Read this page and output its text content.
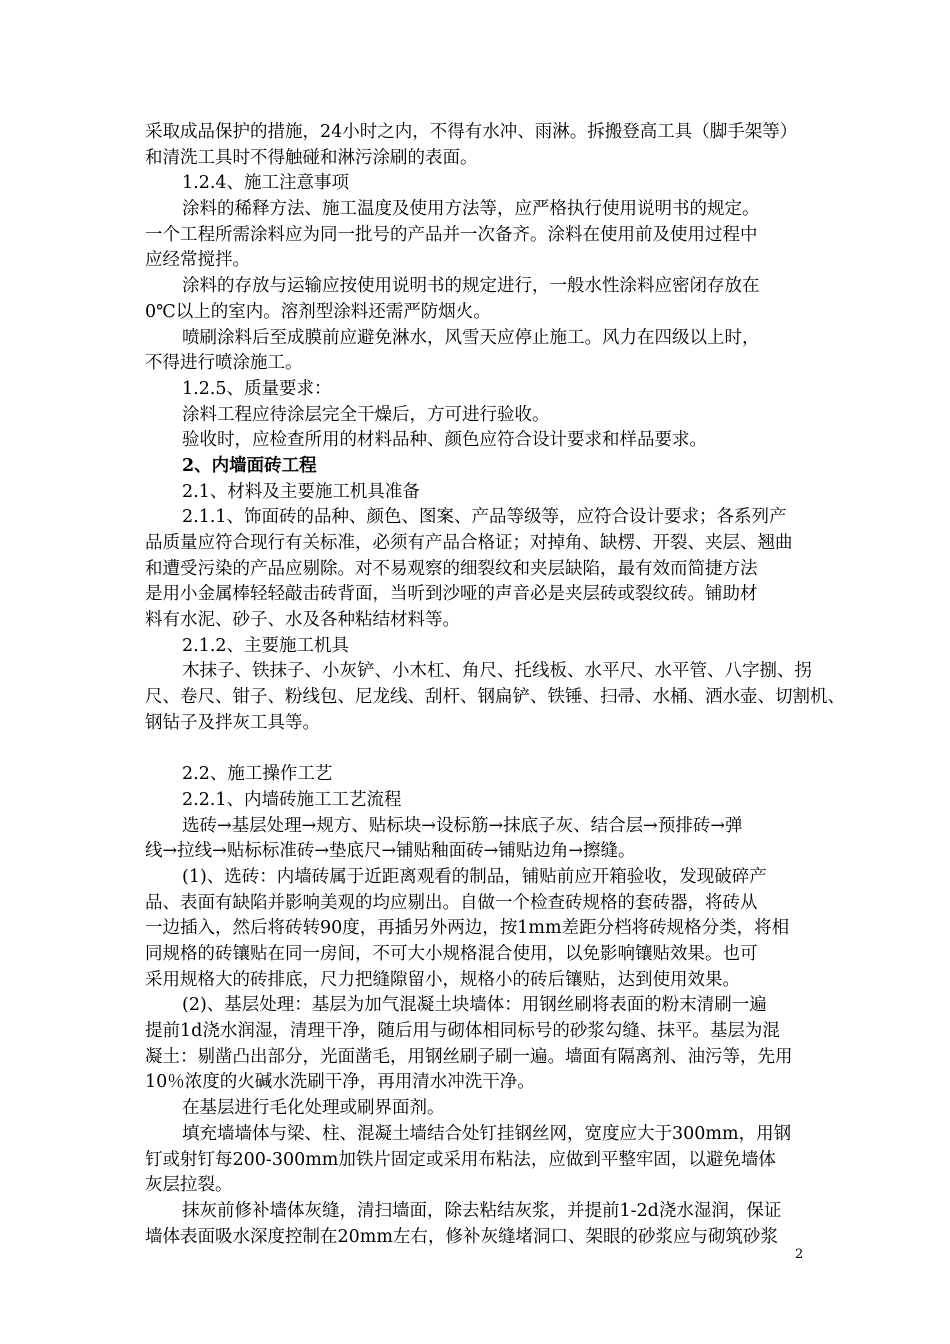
采取成品保护的措施，24小时之内，不得有水冲、雨淋。拆搬登高工具（脚手架等）
和清洗工具时不得触碰和淋污涂刷的表面。
1.2.4、施工注意事项
涂料的稀释方法、施工温度及使用方法等，应严格执行使用说明书的规定。
一个工程所需涂料应为同一批号的产品并一次备齐。涂料在使用前及使用过程中
应经常搅拌。
涂料的存放与运输应按使用说明书的规定进行，一般水性涂料应密闭存放在
0℃以上的室内。溶剂型涂料还需严防烟火。
喷刷涂料后至成膜前应避免淋水，风雪天应停止施工。风力在四级以上时，
不得进行喷涂施工。
1.2.5、质量要求：
涂料工程应待涂层完全干燥后，方可进行验收。
验收时，应检查所用的材料品种、颜色应符合设计要求和样品要求。
2、内墙面砖工程
2.1、材料及主要施工机具准备
2.1.1、饰面砖的品种、颜色、图案、产品等级等，应符合设计要求；各系列产
品质量应符合现行有关标准，必须有产品合格证；对掉角、缺楞、开裂、夹层、翘曲
和遭受污染的产品应剔除。对不易观察的细裂纹和夹层缺陷，最有效而简捷方法
是用小金属棒轻轻敲击砖背面，当听到沙哑的声音必是夹层砖或裂纹砖。铺助材
料有水泥、砂子、水及各种粘结材料等。
2.1.2、主要施工机具
木抹子、铁抹子、小灰铲、小木杠、角尺、托线板、水平尺、水平管、八字捌、拐
尺、卷尺、钳子、粉线包、尼龙线、刮杆、钢扁铲、铁锤、扫帚、水桶、洒水壶、切割机、
钢钻子及拌灰工具等。
2.2、施工操作工艺
2.2.1、内墙砖施工工艺流程
选砖→基层处理→规方、贴标块→设标筋→抹底子灰、结合层→预排砖→弹
线→拉线→贴标标准砖→垫底尺→铺贴釉面砖→铺贴边角→擦缝。
(1)、选砖：内墙砖属于近距离观看的制品，铺贴前应开箱验收，发现破碎产
品、表面有缺陷并影响美观的均应剔出。自做一个检查砖规格的套砖器，将砖从
一边插入，然后将砖转90度，再插另外两边，按1mm差距分档将砖规格分类，将相
同规格的砖镶贴在同一房间，不可大小规格混合使用，以免影响镶贴效果。也可
采用规格大的砖排底，尺力把缝隙留小，规格小的砖后镶贴，达到使用效果。
(2)、基层处理：基层为加气混凝土块墙体：用钢丝刷将表面的粉末清刷一遍
提前1d浇水润湿，清理干净，随后用与砌体相同标号的砂浆勾缝、抹平。基层为混
凝土：剔凿凸出部分，光面凿毛，用钢丝刷子刷一遍。墙面有隔离剂、油污等，先用
10％浓度的火碱水洗刷干净，再用清水冲洗干净。
在基层进行毛化处理或刷界面剂。
填充墙墙体与梁、柱、混凝土墙结合处钉挂钢丝网，宽度应大于300mm，用钢
钉或射钉每200-300mm加铁片固定或采用布粘法，应做到平整牢固，以避免墙体
灰层拉裂。
抹灰前修补墙体灰缝，清扫墙面，除去粘结灰浆，并提前1-2d浇水湿润，保证
墙体表面吸水深度控制在20mm左右，修补灰缝堵洞口、架眼的砂浆应与砌筑砂浆
2
